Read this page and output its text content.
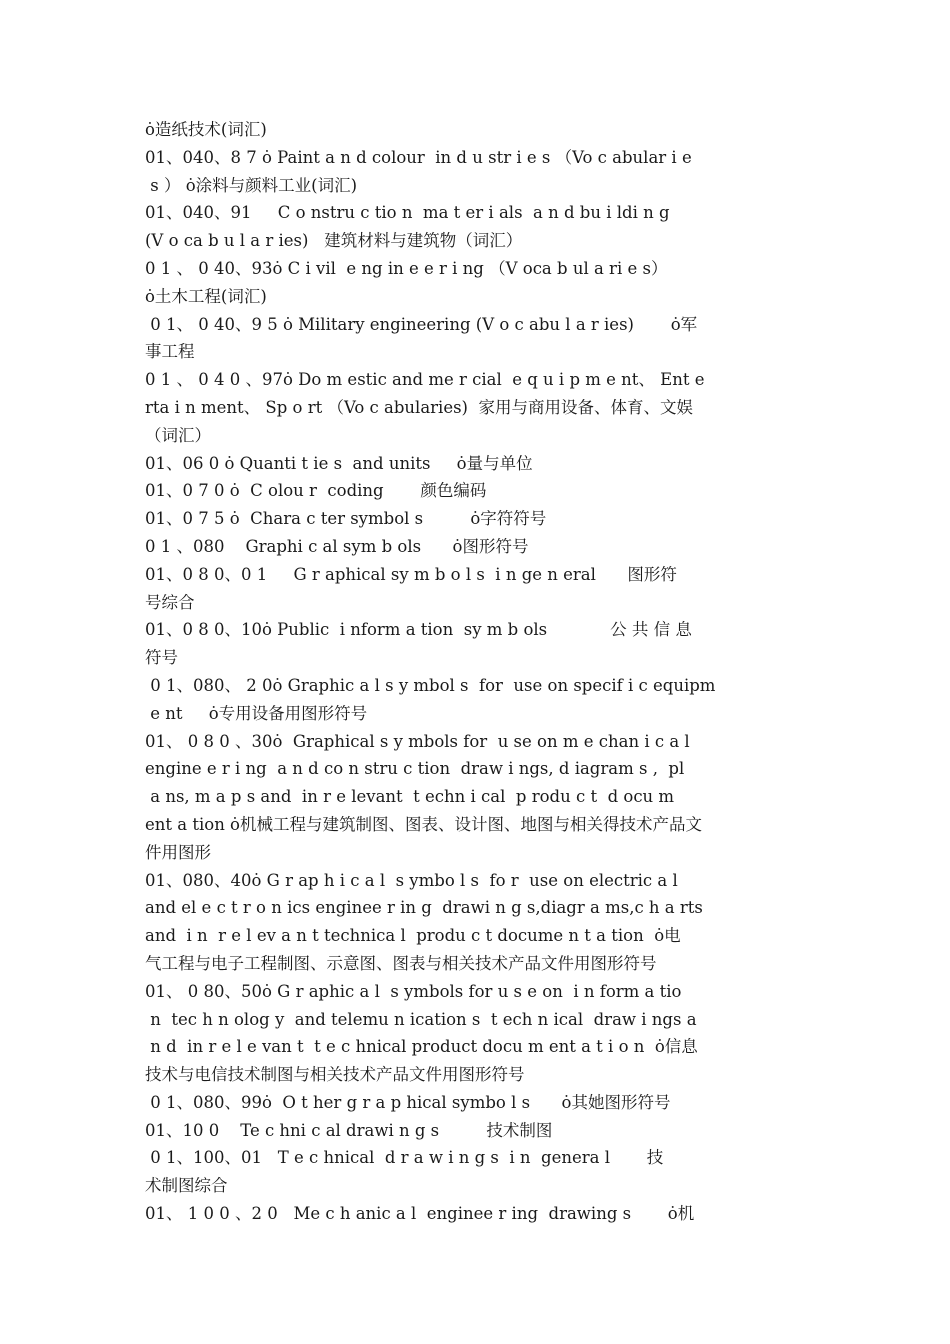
ȯ造纸技术(词汇)
01、040、8 7 ȯ Paint a n d colour  in d u str i e s （Vo c abular i e
s ） ȯ涂料与颜料工业(词汇)
01、040、91     C o nstru c tio n  ma t er i als  a n d bu i ldi n g
(V o ca b u l a r ies)   建筑材料与建筑物（词汇）
0 1 、 0 40、93ȯ C i vil  e ng in e e r i ng （V oca b ul a ri e s）
ȯ土木工程(词汇)
0 1、 0 40、9 5 ȯ Military engineering (V o c abu l a r ies)       ȯ军
事工程
0 1 、 0 4 0 、97ȯ Do m estic and me r cial  e q u i p m e nt、 Ent e
rta i n ment、 Sp o rt （Vo c abularies)  家用与商用设备、体育、文娱
（词汇）
01、06 0 ȯ Quanti t ie s  and units     ȯ量与单位
01、0 7 0 ȯ  C olou r  coding       颜色编码
01、0 7 5 ȯ  Chara c ter symbol s         ȯ字符符号
0 1 、080    Graphi c al sym b ols      ȯ图形符号
01、0 8 0、0 1     G r aphical sy m b o l s  i n ge n eral      图形符
号综合
01、0 8 0、10ȯ Public  i nform a tion  sy m b ols            公 共 信 息
符号
0 1、080、 2 0ȯ Graphic a l s y mbol s  for  use on specif i c equipm
e nt     ȯ专用设备用图形符号
01、 0 8 0 、30ȯ  Graphical s y mbols for  u se on m e chan i c a l
engine e r i ng  a n d co n stru c tion  draw i ngs, d iagram s ,  pl
a ns, m a p s and  in r e levant  t echn i cal  p rodu c t  d ocu m
ent a tion ȯ机械工程与建筑制图、图表、设计图、地图与相关得技术产品文
件用图形
01、080、40ȯ G r ap h i c a l  s ymbo l s  fo r  use on electric a l
and el e c t r o n ics enginee r in g  drawi n g s,diagr a ms,c h a rts
and  i n  r e l ev a n t technica l  produ c t docume n t a tion  ȯ电
气工程与电子工程制图、示意图、图表与相关技术产品文件用图形符号
01、 0 80、50ȯ G r aphic a l  s ymbols for u s e on  i n form a tio
n  tec h n olog y  and telemu n ication s  t ech n ical  draw i ngs a
n d  in r e l e van t  t e c hnical product docu m ent a t i o n  ȯ信息
技术与电信技术制图与相关技术产品文件用图形符号
0 1、080、99ȯ  O t her g r a p hical symbo l s      ȯ其她图形符号
01、10 0    Te c hni c al drawi n g s         技术制图
0 1、100、01   T e c hnical  d r a w i n g s  i n  genera l       技
术制图综合
01、 1 0 0 、2 0   Me c h anic a l  enginee r ing  drawing s       ȯ机
